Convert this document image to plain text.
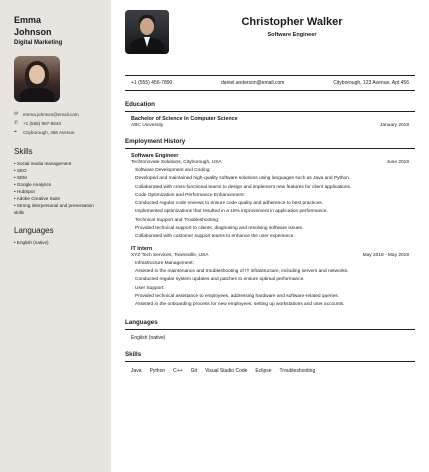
Emma
Johnson
Digital Marketing
✉	emma.johnson@email.com
✆	+1 (555) 987-6543
⌖	Cityborough, 456 Avenue
Skills
• Social media management
• SEO
• SEM
• Google Analytics
• HubSpot
• Adobe Creative Suite
• Strong interpersonal and presentation skills
Languages
• English (native)
Christopher Walker
Software Engineer
+1 (555) 456-7890	daniel.anderson@email.com	Cityborough, 123 Avenue, Apt 456
Education
Bachelor of Science in Computer Science
ABC University	January 2019
Employment History
Software Engineer
TechInnovate Solutions, Cityborough, USA	June 2019
Software Development and Coding:
Developed and maintained high-quality software solutions using languages such as Java and Python.
Collaborated with cross-functional teams to design and implement new features for client applications.
Code Optimization and Performance Enhancement:
Conducted regular code reviews to ensure code quality and adherence to best practices.
Implemented optimizations that resulted in a 15% improvement in application performance.
Technical Support and Troubleshooting:
Provided technical support to clients, diagnosing and resolving software issues.
Collaborated with customer support teams to enhance the user experience.
IT Intern
XYZ Tech Services, Townsville, USA	May 2018 - May 2019
Infrastructure Management:
Assisted in the maintenance and troubleshooting of IT infrastructure, including servers and networks.
Conducted regular system updates and patches to ensure optimal performance.
User Support:
Provided technical assistance to employees, addressing hardware and software-related queries.
Assisted in the onboarding process for new employees, setting up workstations and user accounts.
Languages
English (native)
Skills
Java Python C++ Git Visual Studio Code Eclipse Troubleshooting
